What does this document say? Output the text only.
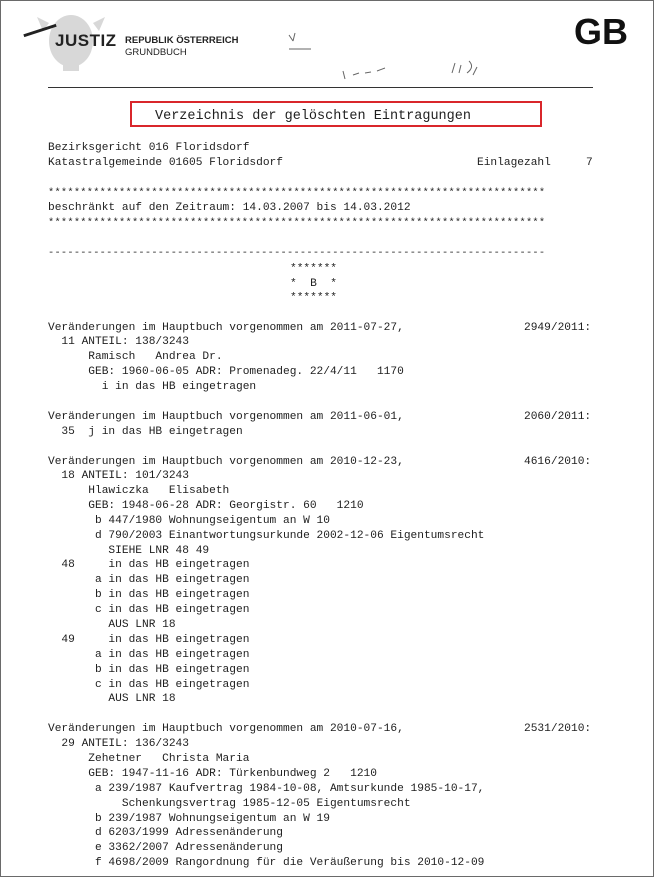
JUSTIZ REPUBLIK ÖSTERREICH
GRUNDBUCH
GB
Verzeichnis der gelöschten Eintragungen
Bezirksgericht 016 Floridsdorf
Katastralgemeinde 01605 Floridsdorf	Einlagezahl	7
*****************************************************************************
beschränkt auf den Zeitraum: 14.03.2007 bis 14.03.2012
*****************************************************************************
-----------------------------------------------------------------------------
*******
*  B  *
*******
Veränderungen im Hauptbuch vorgenommen am 2011-07-27,	2949/2011:
11 ANTEIL: 138/3243
Ramisch   Andrea Dr.
GEB: 1960-06-05 ADR: Promenadeg. 22/4/11   1170
i in das HB eingetragen
Veränderungen im Hauptbuch vorgenommen am 2011-06-01,	2060/2011:
35  j in das HB eingetragen
Veränderungen im Hauptbuch vorgenommen am 2010-12-23,	4616/2010:
18 ANTEIL: 101/3243
Hlawiczka   Elisabeth
GEB: 1948-06-28 ADR: Georgistr. 60   1210
b 447/1980 Wohnungseigentum an W 10
d 790/2003 Einantwortungsurkunde 2002-12-06 Eigentumsrecht
SIEHE LNR 48 49
48     in das HB eingetragen
a in das HB eingetragen
b in das HB eingetragen
c in das HB eingetragen
AUS LNR 18
49     in das HB eingetragen
a in das HB eingetragen
b in das HB eingetragen
c in das HB eingetragen
AUS LNR 18
Veränderungen im Hauptbuch vorgenommen am 2010-07-16,	2531/2010:
29 ANTEIL: 136/3243
Zehetner   Christa Maria
GEB: 1947-11-16 ADR: Türkenbundweg 2   1210
a 239/1987 Kaufvertrag 1984-10-08, Amtsurkunde 1985-10-17,
Schenkungsvertrag 1985-12-05 Eigentumsrecht
b 239/1987 Wohnungseigentum an W 19
d 6203/1999 Adressenänderung
e 3362/2007 Adressenänderung
f 4698/2009 Rangordnung für die Veräußerung bis 2010-12-09
